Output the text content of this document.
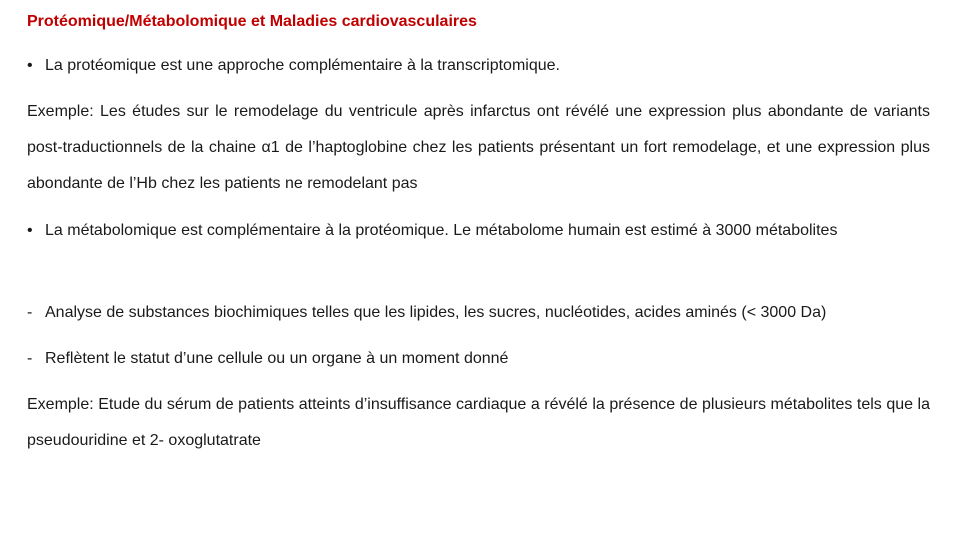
Protéomique/Métabolomique et Maladies cardiovasculaires
• La protéomique est une approche complémentaire à la transcriptomique.
Exemple: Les études sur le remodelage du ventricule après infarctus ont révélé une expression plus abondante de variants post-traductionnels de la chaine α1 de l’haptoglobine chez les patients présentant un fort remodelage, et une expression plus abondante de l’Hb chez les patients ne remodelant pas
• La métabolomique est complémentaire à la protéomique. Le métabolome humain est estimé à 3000 métabolites
- Analyse de substances biochimiques telles que les lipides, les sucres, nucléotides, acides aminés (< 3000 Da)
- Reflètent le statut d’une cellule ou un organe à un moment donné
Exemple: Etude du sérum de patients atteints d’insuffisance cardiaque a révélé la présence de plusieurs métabolites tels que la pseudouridine et 2- oxoglutatrate
